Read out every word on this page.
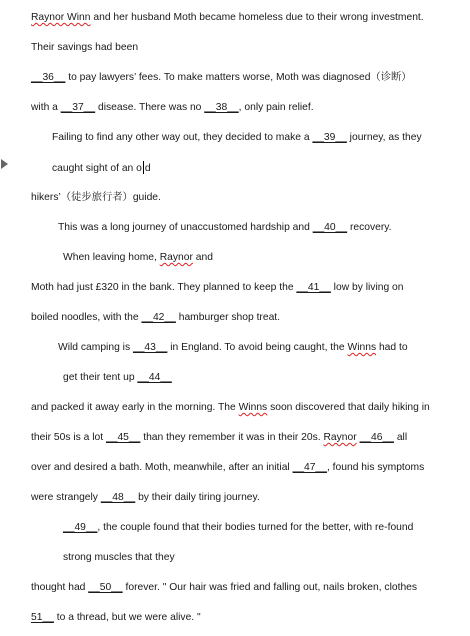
Raynor Winn and her husband Moth became homeless due to their wrong investment.
Their savings had been
__36__ to pay lawyers’ fees. To make matters worse, Moth was diagnosed（诊断）
with a __37__ disease. There was no __38__, only pain relief.
Failing to find any other way out, they decided to make a __39__ journey, as they
caught sight of an o d
hikers’（徒步旅行者）guide.
This was a long journey of unaccustomed hardship and __40__ recovery.
When leaving home, Raynor and
Moth had just £320 in the bank. They planned to keep the __41__ low by living on
boiled noodles, with the __42__ hamburger shop treat.
Wild camping is __43__ in England. To avoid being caught, the Winns had to
get their tent up __44__
and packed it away early in the morning. The Winns soon discovered that daily hiking in
their 50s is a lot __45__ than they remember it was in their 20s. Raynor __46__ all
over and desired a bath. Moth, meanwhile, after an initial __47__, found his symptoms
were strangely __48__ by their daily tiring journey.
__49__, the couple found that their bodies turned for the better, with re-found
strong muscles that they
thought had __50__ forever. " Our hair was fried and falling out, nails broken, clothes
51__ to a thread, but we were alive. "
